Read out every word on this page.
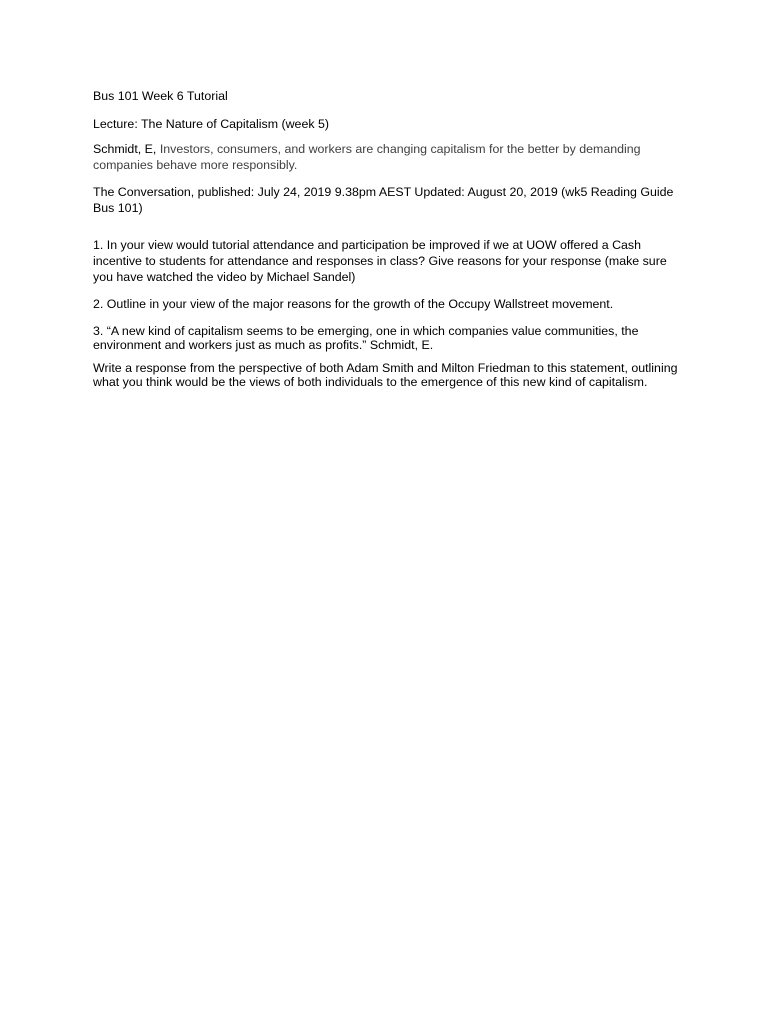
Bus 101 Week 6 Tutorial

Lecture: The Nature of Capitalism (week 5)

Schmidt, E, Investors, consumers, and workers are changing capitalism for the better by demanding companies behave more responsibly.

The Conversation, published: July 24, 2019 9.38pm AEST Updated: August 20, 2019 (wk5 Reading Guide Bus 101)

1. In your view would tutorial attendance and participation be improved if we at UOW offered a Cash incentive to students for attendance and responses in class? Give reasons for your response (make sure you have watched the video by Michael Sandel)

2. Outline in your view of the major reasons for the growth of the Occupy Wallstreet movement.

3. “A new kind of capitalism seems to be emerging, one in which companies value communities, the environment and workers just as much as profits.” Schmidt, E.

Write a response from the perspective of both Adam Smith and Milton Friedman to this statement, outlining what you think would be the views of both individuals to the emergence of this new kind of capitalism.
